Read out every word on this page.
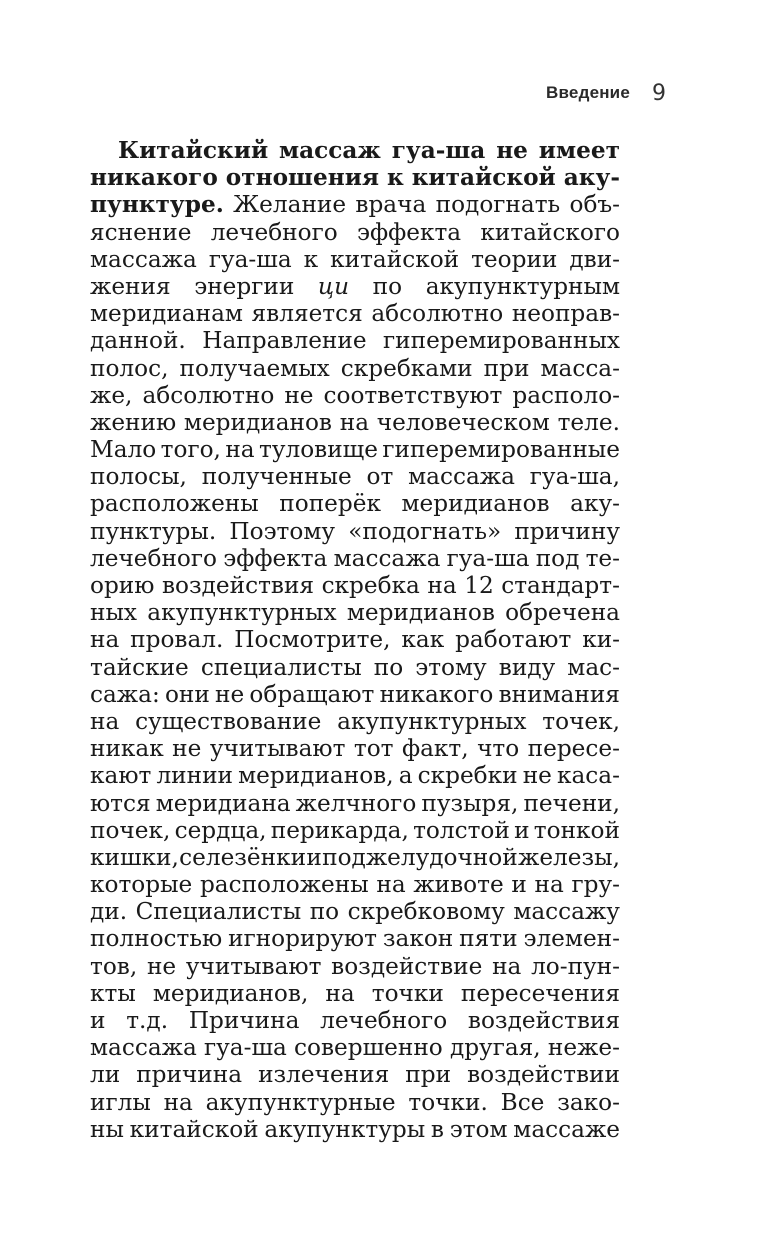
Введение 9
Китайский массаж гуа-ша не имеет
никакого отношения к китайской аку-
пунктуре. Желание врача подогнать объ-
яснение лечебного эффекта китайского
массажа гуа-ша к китайской теории дви-
жения энергии ци по акупунктурным
меридианам является абсолютно неоправ-
данной. Направление гиперемированных
полос, получаемых скребками при масса-
же, абсолютно не соответствуют располо-
жению меридианов на человеческом теле.
Мало того, на туловище гиперемированные
полосы, полученные от массажа гуа-ша,
расположены поперёк меридианов аку-
пунктуры. Поэтому «подогнать» причину
лечебного эффекта массажа гуа-ша под те-
орию воздействия скребка на 12 стандарт-
ных акупунктурных меридианов обречена
на провал. Посмотрите, как работают ки-
тайские специалисты по этому виду мас-
сажа: они не обращают никакого внимания
на существование акупунктурных точек,
никак не учитывают тот факт, что пересе-
кают линии меридианов, а скребки не каса-
ются меридиана желчного пузыря, печени,
почек, сердца, перикарда, толстой и тонкой
кишки, селезёнки и поджелудочной железы,
которые расположены на животе и на гру-
ди. Специалисты по скребковому массажу
полностью игнорируют закон пяти элемен-
тов, не учитывают воздействие на ло-пун-
кты меридианов, на точки пересечения
и т.д. Причина лечебного воздействия
массажа гуа-ша совершенно другая, нежe-
ли причина излечения при воздействии
иглы на акупунктурные точки. Все зако-
ны китайской акупунктуры в этом массаже
